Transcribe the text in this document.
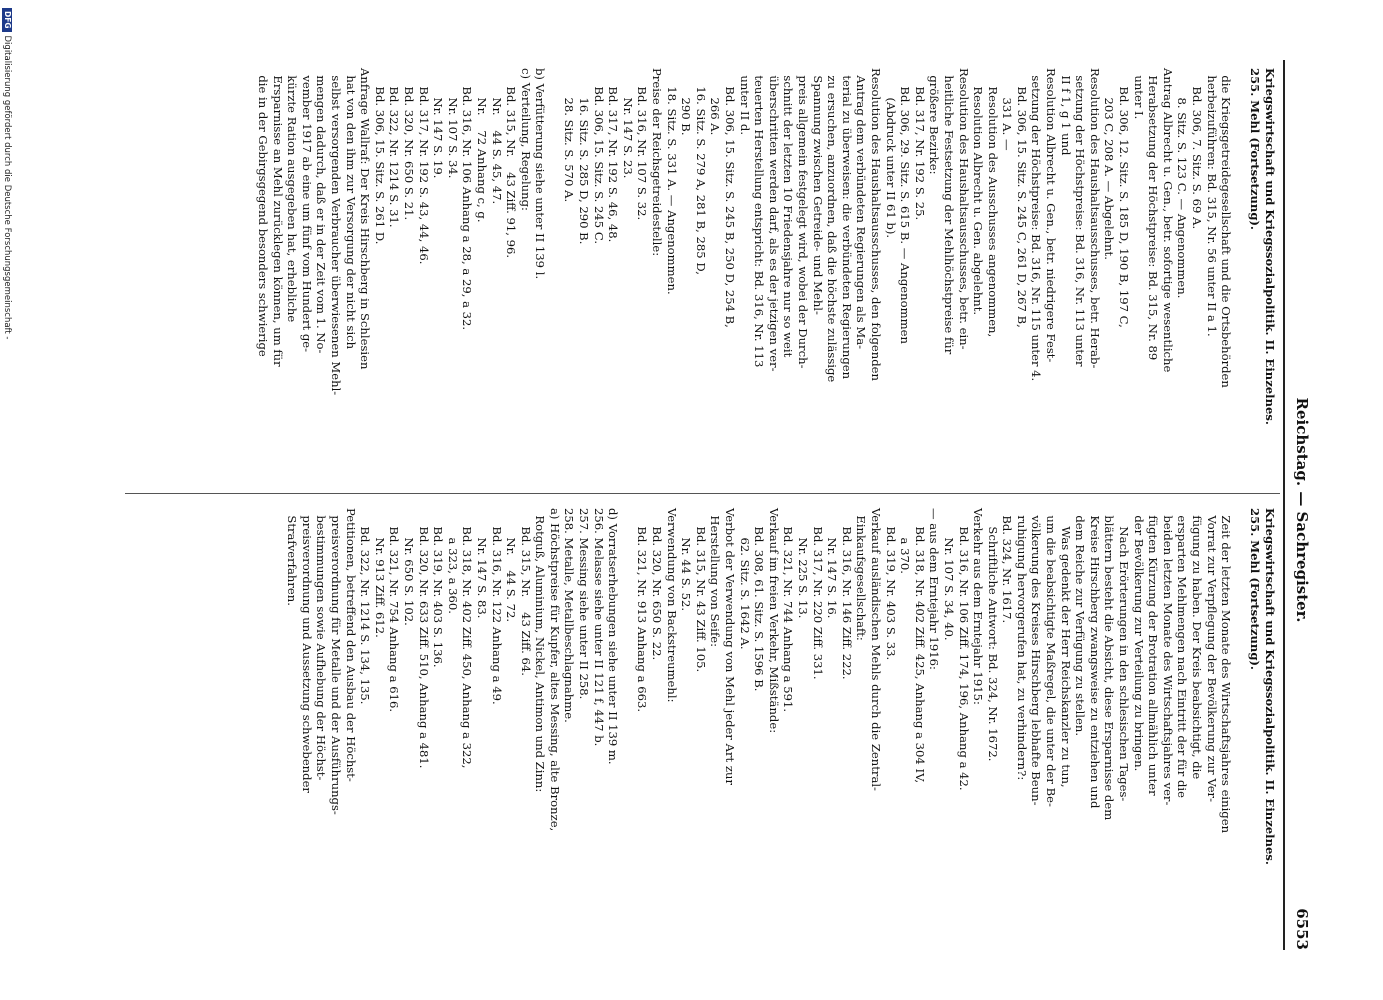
Reichstag. — Sachregister.
6553

Kriegswirtschaft und Kriegssozialpolitik. II. Einzelnes.

255. Mehl (Fortsetzung).

die Kriegsgetreidegesellschaft und die Ortsbehörden

herbeizuführen: Bd. 315, Nr. 56 unter II a 1.

Bd. 306, 7. Sitz. S. 69 A.

8. Sitz. S. 123 C. — Angenommen.

Antrag Albrecht u. Gen., betr. sofortige wesentliche

Herabsetzung der Höchstpreise: Bd. 315, Nr. 89

unter I.

Bd. 306, 12. Sitz. S. 185 D, 190 B, 197 C,

203 C, 208 A. — Abgelehnt.

Resolution des Haushaltsausschusses, betr. Herab-

setzung der Höchstpreise: Bd. 316, Nr. 113 unter

II f 1, g 1 und

Resolution Albrecht u. Gen., betr. niedrigere Fest-

setzung der Höchstpreise: Bd. 316, Nr. 115 unter 4.

Bd. 306, 15. Sitz. S. 245 C, 261 D, 267 B,

331 A. —

Resolution des Ausschusses angenommen,

Resolution Albrecht u. Gen. abgelehnt.

Resolution des Haushaltsausschusses, betr. ein-

heitliche Festsetzung der Mehlhöchstpreise für

größere Bezirke:

Bd. 317, Nr. 192 S. 25.

Bd. 306, 29. Sitz. S. 615 B. — Angenommen

(Abdruck unter II 61 b).

Resolution des Haushaltsausschusses, den folgenden

Antrag dem verbündeten Regierungen als Ma-

terial zu überweisen: die verbündeten Regierungen

zu ersuchen, anzuordnen, daß die höchste zulässige

Spannung zwischen Getreide- und Mehl-

preis allgemein festgelegt wird, wobei der Durch-

schnitt der letzten 10 Friedensjahre nur so weit

überschritten werden darf, als es der jetzigen ver-

teuerten Herstellung entspricht: Bd. 316, Nr. 113

unter II d.

Bd. 306, 15. Sitz. S. 245 B, 250 D, 254 B,

266 A.

16. Sitz. S. 279 A, 281 B, 285 D,

290 B.

18. Sitz. S. 331 A. — Angenommen.

Preise der Reichsgetreidestelle:

Bd. 316, Nr. 107 S. 32.

Nr. 147 S. 23.

Bd. 317, Nr. 192 S. 46, 48.

Bd. 306, 15. Sitz. S. 245 C.

16. Sitz. S. 285 D, 290 B.

28. Sitz. S. 570 A.

b) Verfütterung siehe unter II 139 l.

c) Verteilung, Regelung:

Bd. 315, Nr.    43 Ziff. 91, 96.

Nr.    44 S. 45, 47.

Nr.    72 Anhang c, g.

Bd. 316, Nr. 106 Anhang a 28, a 29, a 32.

Nr. 107 S. 34.

Nr. 147 S. 19.

Bd. 317, Nr. 192 S. 43, 44, 46.

Bd. 320, Nr. 650 S. 21.

Bd. 322, Nr. 1214 S. 31.

Bd. 306, 15. Sitz. S. 261 D.

Anfrage Wallraf: Der Kreis Hirschberg in Schlesien

hat von den ihm zur Versorgung der nicht sich

selbst versorgenden Verbraucher überwiesenen Mehl-

mengen dadurch, daß er in der Zeit vom 1. No-

vember 1917 ab eine um fünf vom Hundert ge-

kürzte Ration ausgegeben hat, erhebliche

Ersparnisse an Mehl zurücklegen können, um für

die in der Gebirgsgegend besonders schwierige

Kriegswirtschaft und Kriegssozialpolitik. II. Einzelnes.

255. Mehl (Fortsetzung).

Zeit der letzten Monate des Wirtschaftsjahres einigen

Vorrat zur Verpflegung der Bevölkerung zur Ver-

fügung zu haben. Der Kreis beabsichtigt, die

ersparten Mehlmengen nach Eintritt der für die

beiden letzten Monate des Wirtschaftsjahres ver-

fügten Kürzung der Brotration allmählich unter

der Bevölkerung zur Verteilung zu bringen.

Nach Erörterungen in den schlesischen Tages-

blättern besteht die Absicht, diese Ersparnisse dem

Kreise Hirschberg zwangsweise zu entziehen und

dem Reiche zur Verfügung zu stellen.

Was gedenkt der Herr Reichskanzler zu tun,

um die beabsichtigte Maßregel, die unter der Be-

völkerung des Kreises Hirschberg lebhafte Beun-

ruhigung hervorgerufen hat, zu verhindern?:

Bd. 324, Nr. 1617.

Schriftliche Antwort: Bd. 324, Nr. 1672.

Verkehr aus dem Erntejahr 1915:

Bd. 316, Nr. 106 Ziff. 174, 196, Anhang a 42.

Nr. 107 S. 34, 40.

— aus dem Erntejahr 1916:

Bd. 318, Nr. 402 Ziff. 425, Anhang a 304 IV,

a 370.

Bd. 319, Nr. 403 S. 33.

Verkauf ausländischen Mehls durch die Zentral-

Einkaufsgesellschaft:

Bd. 316, Nr. 146 Ziff. 222.

Nr. 147 S. 16.

Bd. 317, Nr. 220 Ziff. 331.

Nr. 225 S. 13.

Bd. 321, Nr. 744 Anhang a 591.

Verkauf im freien Verkehr, Mißstände:

Bd. 308, 61. Sitz. S. 1596 B.

62. Sitz. S. 1642 A.

Verbot der Verwendung von Mehl jeder Art zur

Herstellung von Seife:

Bd. 315, Nr. 43 Ziff. 105.

Nr. 44 S. 52.

Verwendung von Backstreumehl:

Bd. 320, Nr. 650 S. 22.

Bd. 321, Nr. 913 Anhang a 663.

d) Vorratserhebungen siehe unter II 139 m.

256. Melasse siehe unter II 121 f, 447 b.

257. Messing siehe unter II 258.

258. Metalle, Metallbeschlagnahme.

a) Höchstpreise für Kupfer, altes Messing, alte Bronze,

Rotguß, Aluminium, Nickel, Antimon und Zinn:

Bd. 315, Nr.    43 Ziff. 64.

Nr.    44 S. 72.

Bd. 316, Nr. 122 Anhang a 49.

Nr. 147 S. 83.

Bd. 318, Nr. 402 Ziff. 450, Anhang a 322,

a 323, a 360.

Bd. 319, Nr. 403 S. 136.

Bd. 320, Nr. 633 Ziff. 510, Anhang a 481.

Nr. 650 S. 102.

Bd. 321, Nr. 754 Anhang a 616.

Nr. 913 Ziff. 612.

Bd. 322, Nr. 1214 S. 134, 135.

Petitionen, betreffend den Ausbau der Höchst-

preisverordnung für Metalle und der Ausführungs-

bestimmungen sowie Aufhebung der Höchst-

preisverordnung und Aussetzung schwebender

Strafverfahren.

DFG
Digitalisierung gefördert durch die Deutsche Forschungsgemeinschaft -
